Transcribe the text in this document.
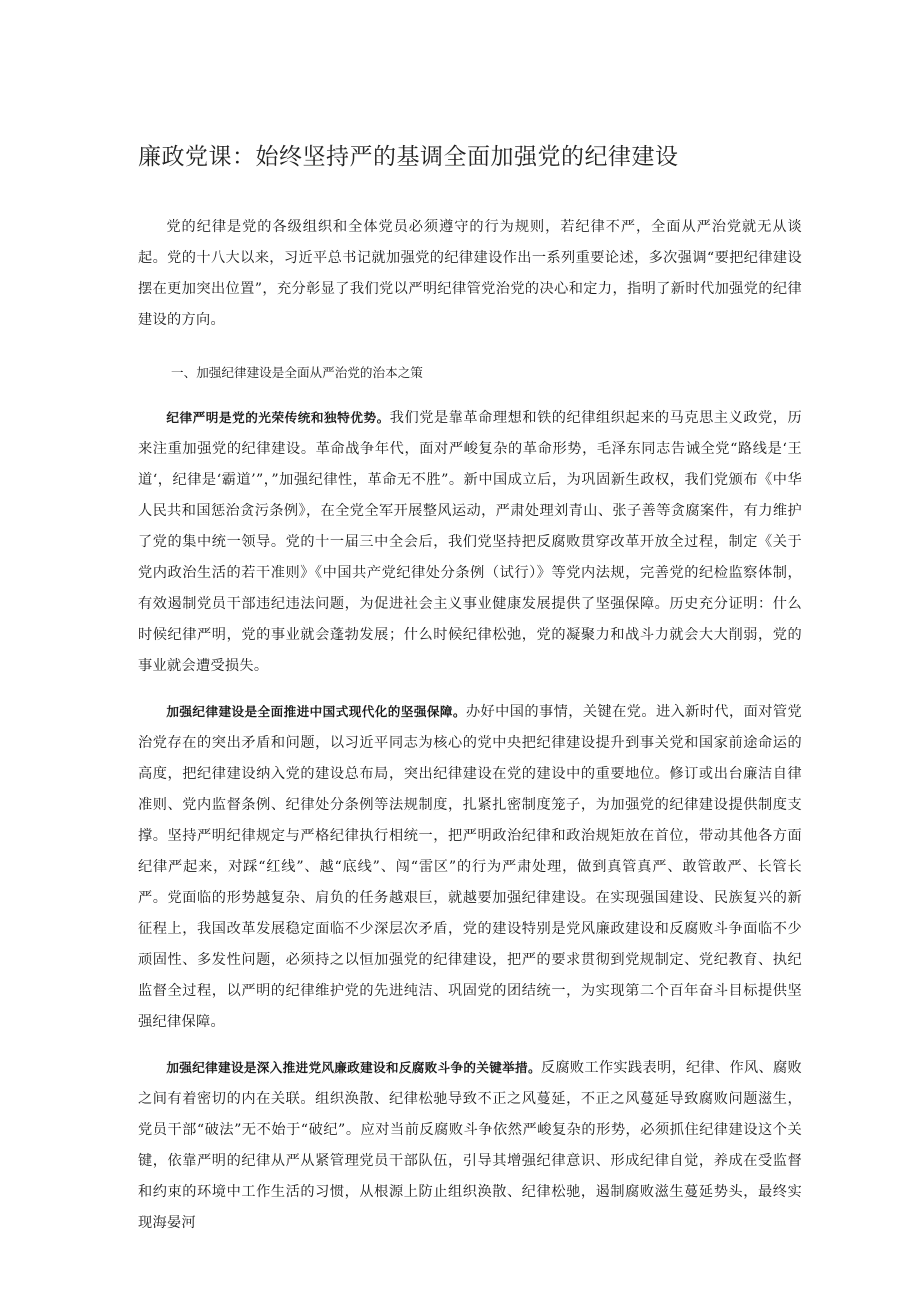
廉政党课：始终坚持严的基调全面加强党的纪律建设

党的纪律是党的各级组织和全体党员必须遵守的行为规则，若纪律不严，全面从严治党就无从谈起。党的十八大以来，习近平总书记就加强党的纪律建设作出一系列重要论述，多次强调“要把纪律建设摆在更加突出位置”，充分彰显了我们党以严明纪律管党治党的决心和定力，指明了新时代加强党的纪律建设的方向。

一、加强纪律建设是全面从严治党的治本之策

纪律严明是党的光荣传统和独特优势。我们党是靠革命理想和铁的纪律组织起来的马克思主义政党，历来注重加强党的纪律建设。革命战争年代，面对严峻复杂的革命形势，毛泽东同志告诫全党“路线是‘王道‘，纪律是‘霸道’”，”加强纪律性，革命无不胜”。新中国成立后，为巩固新生政权，我们党颁布《中华人民共和国惩治贪污条例》，在全党全军开展整风运动，严肃处理刘青山、张子善等贪腐案件，有力维护了党的集中统一领导。党的十一届三中全会后，我们党坚持把反腐败贯穿改革开放全过程，制定《关于党内政治生活的若干准则》《中国共产党纪律处分条例（试行）》等党内法规，完善党的纪检监察体制，有效遏制党员干部违纪违法问题，为促进社会主义事业健康发展提供了坚强保障。历史充分证明：什么时候纪律严明，党的事业就会蓬勃发展；什么时候纪律松弛，党的凝聚力和战斗力就会大大削弱，党的事业就会遭受损失。

加强纪律建设是全面推进中国式现代化的坚强保障。办好中国的事情，关键在党。进入新时代，面对管党治党存在的突出矛盾和问题，以习近平同志为核心的党中央把纪律建设提升到事关党和国家前途命运的高度，把纪律建设纳入党的建设总布局，突出纪律建设在党的建设中的重要地位。修订或出台廉洁自律准则、党内监督条例、纪律处分条例等法规制度，扎紧扎密制度笼子，为加强党的纪律建设提供制度支撑。坚持严明纪律规定与严格纪律执行相统一，把严明政治纪律和政治规矩放在首位，带动其他各方面纪律严起来，对踩“红线”、越“底线”、闯“雷区”的行为严肃处理，做到真管真严、敢管敢严、长管长严。党面临的形势越复杂、肩负的任务越艰巨，就越要加强纪律建设。在实现强国建设、民族复兴的新征程上，我国改革发展稳定面临不少深层次矛盾，党的建设特别是党风廉政建设和反腐败斗争面临不少顽固性、多发性问题，必须持之以恒加强党的纪律建设，把严的要求贯彻到党规制定、党纪教育、执纪监督全过程，以严明的纪律维护党的先进纯洁、巩固党的团结统一，为实现第二个百年奋斗目标提供坚强纪律保障。

加强纪律建设是深入推进党风廉政建设和反腐败斗争的关键举措。反腐败工作实践表明，纪律、作风、腐败之间有着密切的内在关联。组织涣散、纪律松驰导致不正之风蔓延，不正之风蔓延导致腐败问题滋生，党员干部“破法”无不始于“破纪”。应对当前反腐败斗争依然严峻复杂的形势，必须抓住纪律建设这个关键，依靠严明的纪律从严从紧管理党员干部队伍，引导其增强纪律意识、形成纪律自觉，养成在受监督和约束的环境中工作生活的习惯，从根源上防止组织涣散、纪律松驰，遏制腐败滋生蔓延势头，最终实现海晏河
